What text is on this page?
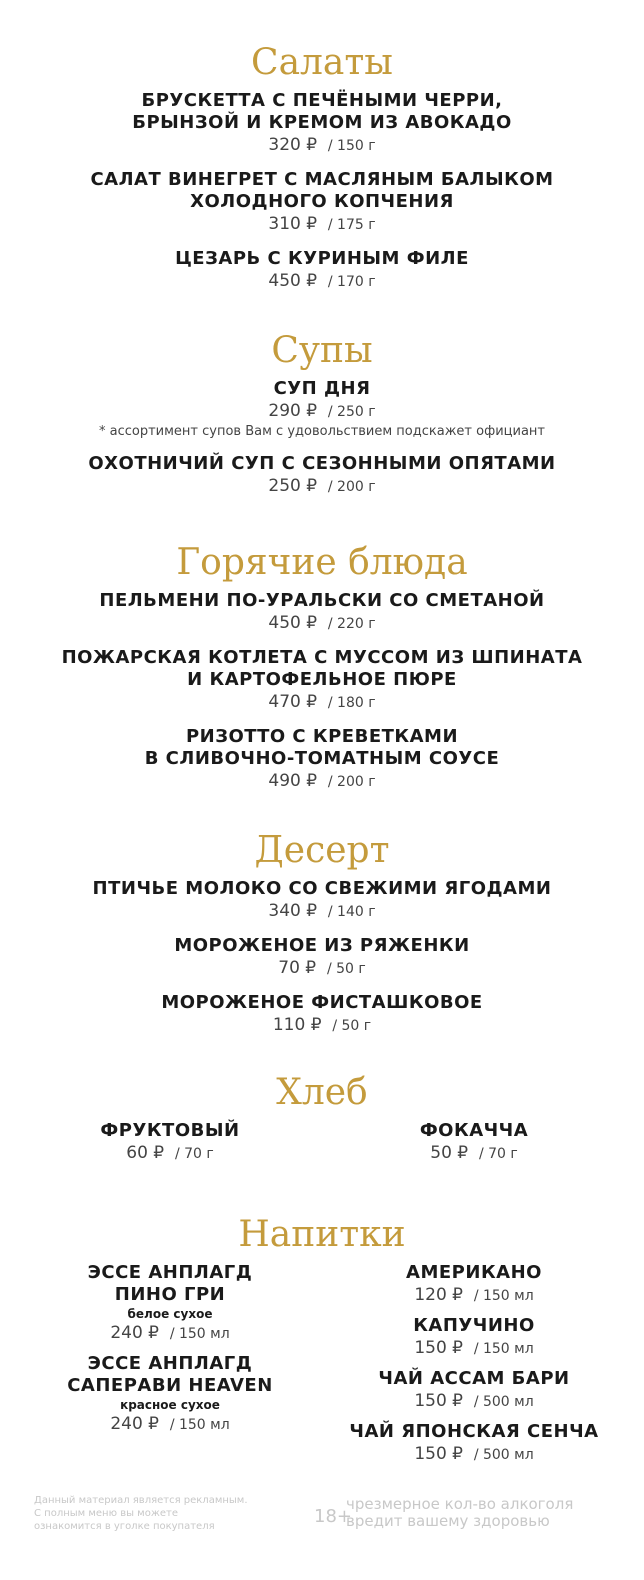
Салаты

БРУСКЕТТА С ПЕЧЁНЫМИ ЧЕРРИ,
БРЫНЗОЙ И КРЕМОМ ИЗ АВОКАДО

320 ₽ / 150 г

САЛАТ ВИНЕГРЕТ С МАСЛЯНЫМ БАЛЫКОМ
ХОЛОДНОГО КОПЧЕНИЯ

310 ₽ / 175 г

ЦЕЗАРЬ С КУРИНЫМ ФИЛЕ

450 ₽ / 170 г

Супы

СУП ДНЯ

290 ₽ / 250 г

* ассортимент супов Вам с удовольствием подскажет официант

ОХОТНИЧИЙ СУП С СЕЗОННЫМИ ОПЯТАМИ

250 ₽ / 200 г

Горячие блюда

ПЕЛЬМЕНИ ПО-УРАЛЬСКИ СО СМЕТАНОЙ

450 ₽ / 220 г

ПОЖАРСКАЯ КОТЛЕТА С МУССОМ ИЗ ШПИНАТА
И КАРТОФЕЛЬНОЕ ПЮРЕ

470 ₽ / 180 г

РИЗОТТО С КРЕВЕТКАМИ
В СЛИВОЧНО-ТОМАТНЫМ СОУСЕ

490 ₽ / 200 г

Десерт

ПТИЧЬЕ МОЛОКО СО СВЕЖИМИ ЯГОДАМИ

340 ₽ / 140 г

МОРОЖЕНОЕ ИЗ РЯЖЕНКИ

70 ₽ / 50 г

МОРОЖЕНОЕ ФИСТАШКОВОЕ

110 ₽ / 50 г

Хлеб

ФРУКТОВЫЙ

60 ₽ / 70 г

ФОКАЧЧА

50 ₽ / 70 г

Напитки

ЭССЕ АНПЛАГД
ПИНО ГРИ

белое сухое

240 ₽ / 150 мл

ЭССЕ АНПЛАГД
САПЕРАВИ HEAVEN

красное сухое

240 ₽ / 150 мл

АМЕРИКАНО

120 ₽ / 150 мл

КАПУЧИНО

150 ₽ / 150 мл

ЧАЙ АССАМ БАРИ

150 ₽ / 500 мл

ЧАЙ ЯПОНСКАЯ СЕНЧА

150 ₽ / 500 мл

Данный материал является рекламным.
С полным меню вы можете
ознакомится в уголке покупателя	18+
чрезмерное кол-во алкоголя
вредит вашему здоровью
